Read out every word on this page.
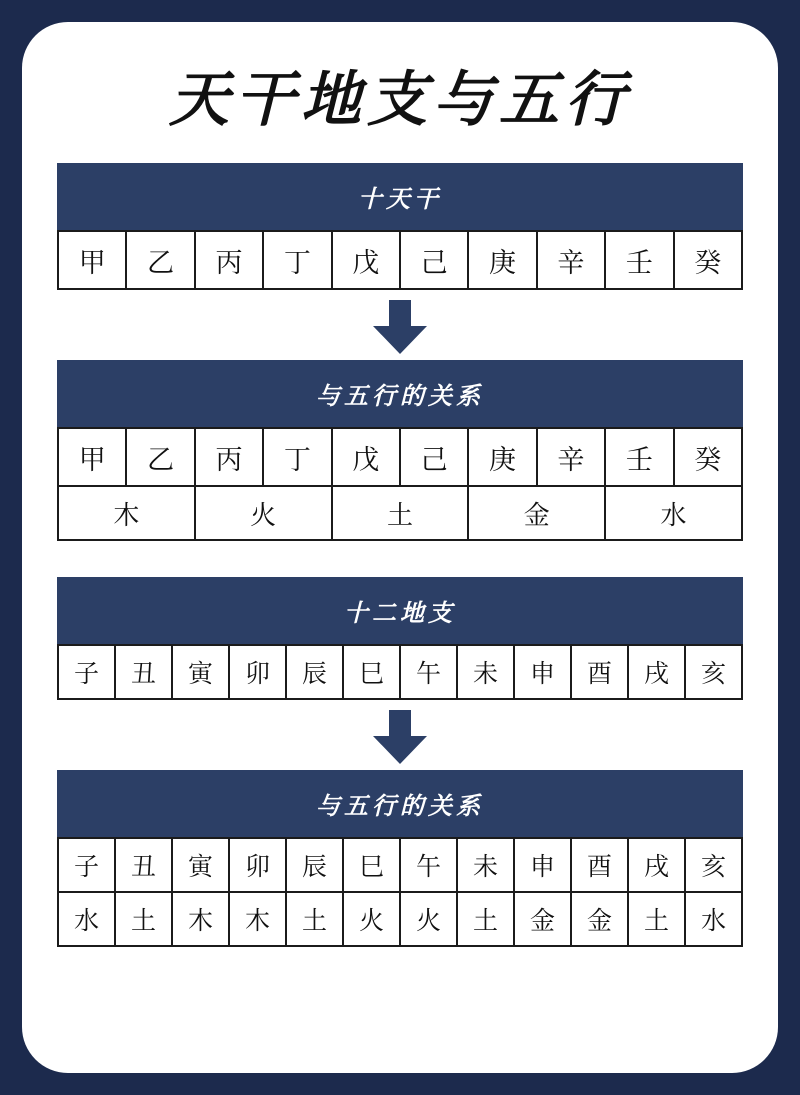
天干地支与五行
十天干
甲	乙	丙	丁	戊	己	庚	辛	壬	癸
与五行的关系
甲	乙	丙	丁	戊	己	庚	辛	壬	癸
木		火		土		金		水	
十二地支
子	丑	寅	卯	辰	巳	午	未	申	酉	戌	亥
与五行的关系
子	丑	寅	卯	辰	巳	午	未	申	酉	戌	亥
水	土	木	木	土	火	火	土	金	金	土	水
